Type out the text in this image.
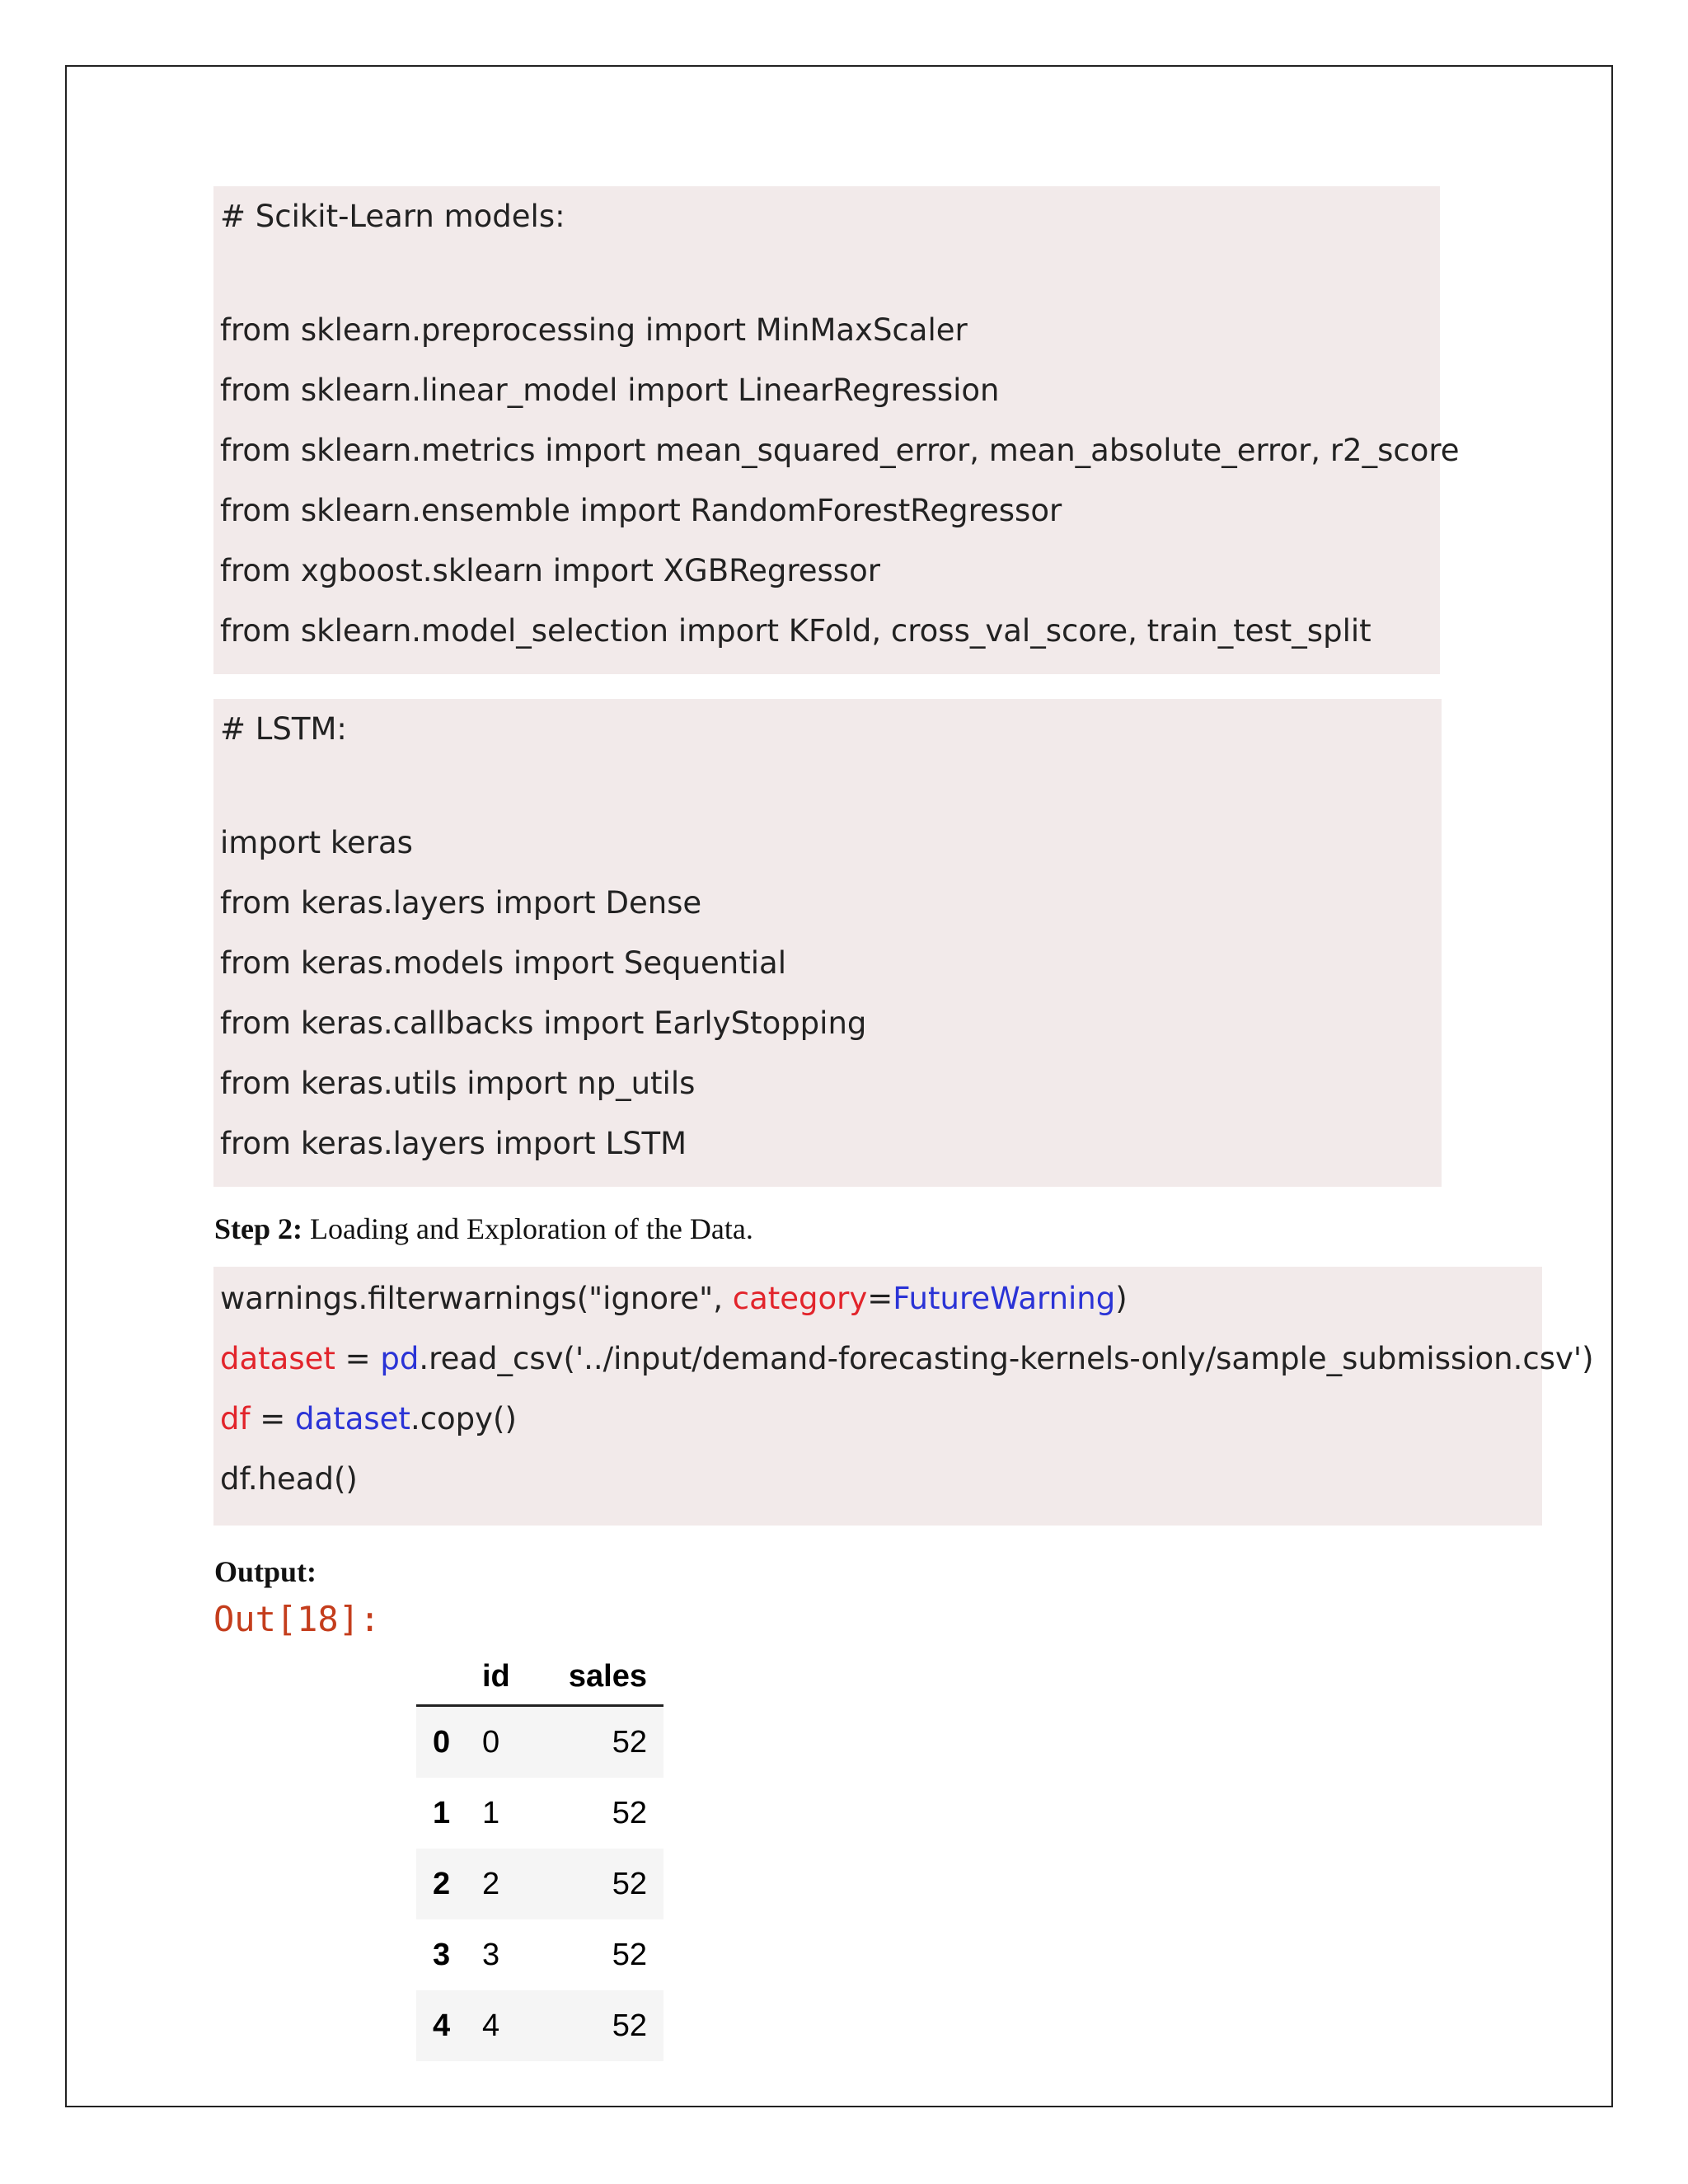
# Scikit-Learn models:
from sklearn.preprocessing import MinMaxScaler
from sklearn.linear_model import LinearRegression
from sklearn.metrics import mean_squared_error, mean_absolute_error, r2_score
from sklearn.ensemble import RandomForestRegressor
from xgboost.sklearn import XGBRegressor
from sklearn.model_selection import KFold, cross_val_score, train_test_split
# LSTM:
import keras
from keras.layers import Dense
from keras.models import Sequential
from keras.callbacks import EarlyStopping
from keras.utils import np_utils
from keras.layers import LSTM
Step 2: Loading and Exploration of the Data.
warnings.filterwarnings("ignore", category=FutureWarning)
dataset = pd.read_csv('../input/demand-forecasting-kernels-only/sample_submission.csv')
df = dataset.copy()
df.head()
Output:
Out[18]:
	id	sales
0	0	52
1	1	52
2	2	52
3	3	52
4	4	52
